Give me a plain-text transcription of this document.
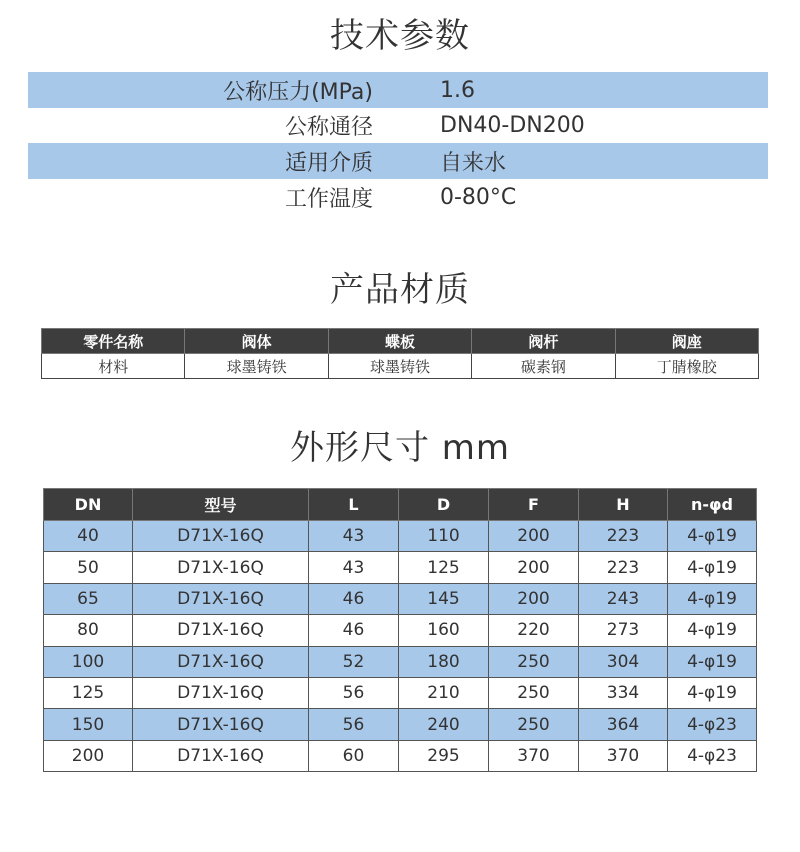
技术参数
公称压力(MPa)	1.6
公称通径	DN40-DN200
适用介质	自来水
工作温度	0-80°C
产品材质
零件名称	阀体	蝶板	阀杆	阀座
材料	球墨铸铁	球墨铸铁	碳素钢	丁腈橡胶
外形尺寸 mm
DN	型号	L	D	F	H	n-φd
40	D71X-16Q	43	110	200	223	4-φ19
50	D71X-16Q	43	125	200	223	4-φ19
65	D71X-16Q	46	145	200	243	4-φ19
80	D71X-16Q	46	160	220	273	4-φ19
100	D71X-16Q	52	180	250	304	4-φ19
125	D71X-16Q	56	210	250	334	4-φ19
150	D71X-16Q	56	240	250	364	4-φ23
200	D71X-16Q	60	295	370	370	4-φ23
